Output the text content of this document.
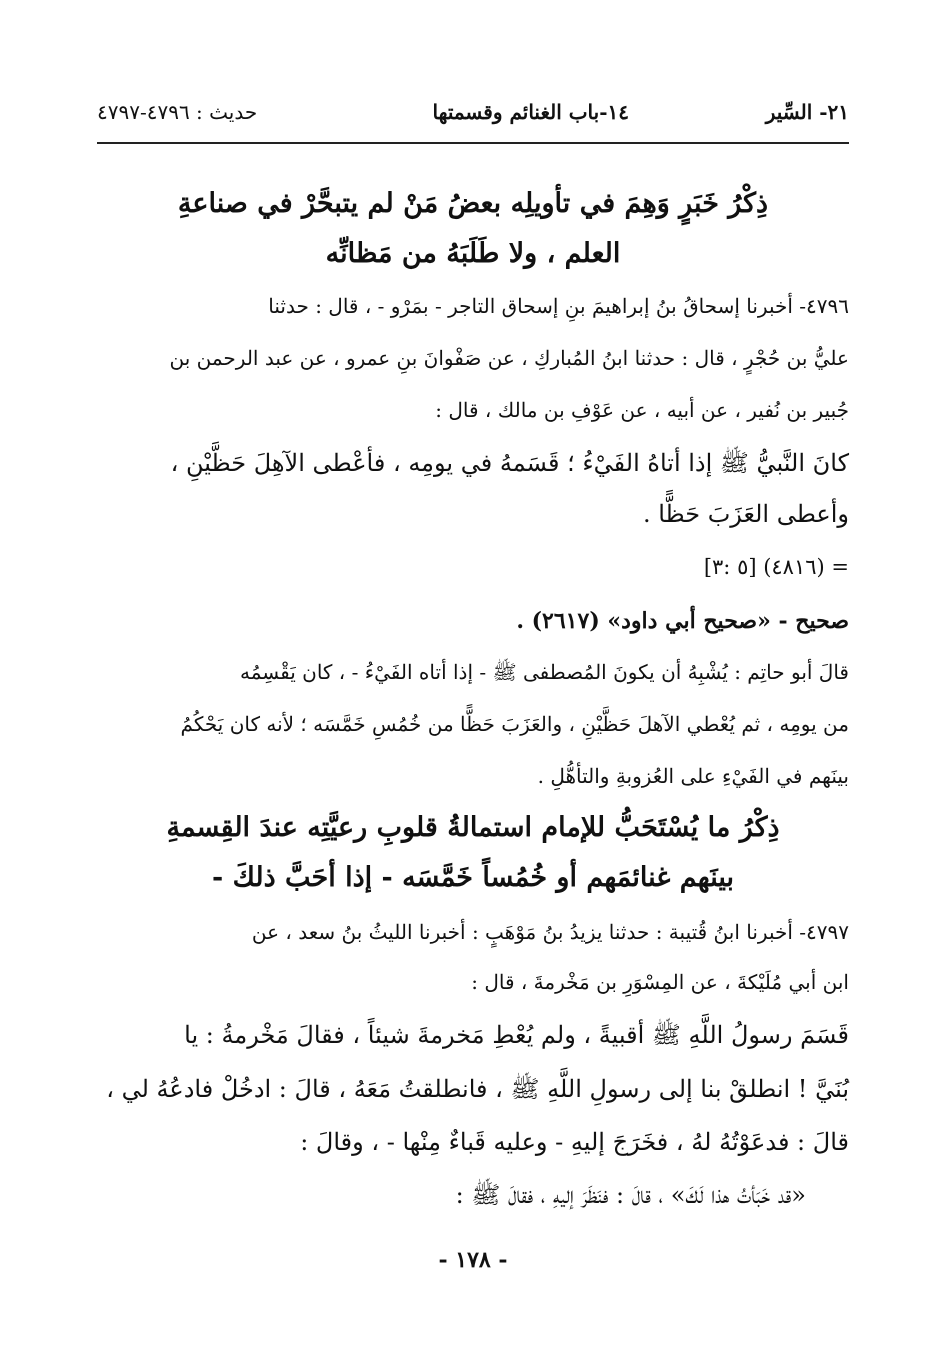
٢١- السِّير
١٤-باب الغنائم وقسمتها
حديث : ٤٧٩٦-٤٧٩٧
ذِكْرُ خَبَرٍ وَهِمَ في تأويلِه بعضُ مَنْ لم يتبحَّرْ في صناعةِ
العلم ، ولا طَلَبَهُ من مَظانِّه
٤٧٩٦- أخبرنا إسحاقُ بنُ إبراهيمَ بنِ إسحاق التاجر - بمَرْو - ، قال : حدثنا
عليُّ بن حُجْرٍ ، قال : حدثنا ابنُ المُباركِ ، عن صَفْوانَ بنِ عمرو ، عن عبد الرحمن بن
جُبير بن نُفير ، عن أبيه ، عن عَوْفِ بن مالك ، قال :
كانَ النَّبيُّ ﷺ إذا أتاهُ الفَيْءُ ؛ قَسَمهُ في يومِه ، فأعْطى الآهِلَ حَظَّيْنِ ،
وأعطى العَزَبَ حَظًّا .
= (٤٨١٦) [٥ :٣]
صحيح - «صحيح أبي داود» (٢٦١٧) .
قالَ أبو حاتِم : يُشْبِهُ أن يكونَ المُصطفى ﷺ - إذا أتاه الفَيْءُ - ، كان يَقْسِمُه
من يومِه ، ثم يُعْطي الآهلَ حَظَّيْنِ ، والعَزَبَ حَظًّا من خُمُسِ خَمَّسَه ؛ لأنه كان يَحْكُمُ
بينَهم في الفَيْءِ على العُزوبةِ والتأهُّلِ .
ذِكْرُ ما يُسْتَحَبُّ للإمام استمالةُ قلوبِ رعيَّتِه عندَ القِسمةِ
بينَهم غنائمَهم أو خُمُساً خَمَّسَه - إذا أحَبَّ ذلكَ -
٤٧٩٧- أخبرنا ابنُ قُتيبة : حدثنا يزيدُ بنُ مَوْهَبٍ : أخبرنا الليثُ بنُ سعد ، عن
ابن أبي مُلَيْكةَ ، عن المِسْوَرِ بن مَخْرمةَ ، قال :
قَسَمَ رسولُ اللَّهِ ﷺ أقبيةً ، ولم يُعْطِ مَخرمةَ شيئاً ، فقالَ مَخْرمةُ : يا
بُنَيَّ ! انطلقْ بنا إلى رسولِ اللَّهِ ﷺ ، فانطلقتُ مَعَهُ ، قالَ : ادخُلْ فادعُهُ لي ،
قالَ : فدعَوْتُهُ لهُ ، فخَرَجَ إليهِ - وعليه قَباءٌ مِنْها - ، وقالَ :
«قد خَبَأتُ هذا لَكَ» ، قالَ : فنَظَرَ إليهِ ، فقالَ ﷺ :
- ١٧٨ -
